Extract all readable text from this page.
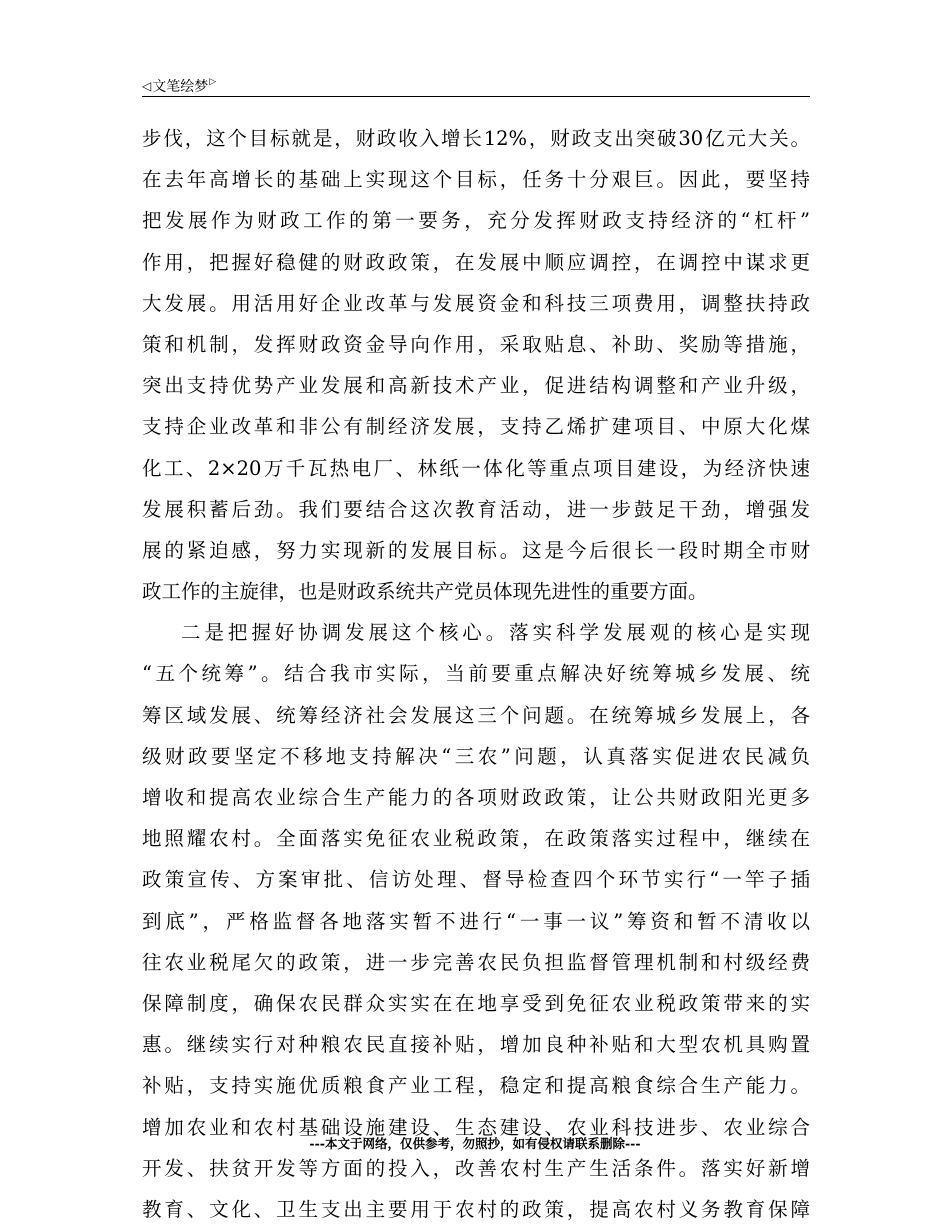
◁ 文笔绘梦 ▷
步伐，这个目标就是，财政收入增长12%，财政支出突破30亿元大关。
在去年高增长的基础上实现这个目标，任务十分艰巨。因此，要坚持
把发展作为财政工作的第一要务，充分发挥财政支持经济的“杠杆”
作用，把握好稳健的财政政策，在发展中顺应调控，在调控中谋求更
大发展。用活用好企业改革与发展资金和科技三项费用，调整扶持政
策和机制，发挥财政资金导向作用，采取贴息、补助、奖励等措施，
突出支持优势产业发展和高新技术产业，促进结构调整和产业升级，
支持企业改革和非公有制经济发展，支持乙烯扩建项目、中原大化煤
化工、2×20万千瓦热电厂、林纸一体化等重点项目建设，为经济快速
发展积蓄后劲。我们要结合这次教育活动，进一步鼓足干劲，增强发
展的紧迫感，努力实现新的发展目标。这是今后很长一段时期全市财
政工作的主旋律，也是财政系统共产党员体现先进性的重要方面。
二是把握好协调发展这个核心。落实科学发展观的核心是实现
“五个统筹”。结合我市实际，当前要重点解决好统筹城乡发展、统
筹区域发展、统筹经济社会发展这三个问题。在统筹城乡发展上，各
级财政要坚定不移地支持解决“三农”问题，认真落实促进农民减负
增收和提高农业综合生产能力的各项财政政策，让公共财政阳光更多
地照耀农村。全面落实免征农业税政策，在政策落实过程中，继续在
政策宣传、方案审批、信访处理、督导检查四个环节实行“一竿子插
到底”，严格监督各地落实暂不进行“一事一议”筹资和暂不清收以
往农业税尾欠的政策，进一步完善农民负担监督管理机制和村级经费
保障制度，确保农民群众实实在在地享受到免征农业税政策带来的实
惠。继续实行对种粮农民直接补贴，增加良种补贴和大型农机具购置
补贴，支持实施优质粮食产业工程，稳定和提高粮食综合生产能力。
增加农业和农村基础设施建设、生态建设、农业科技进步、农业综合
开发、扶贫开发等方面的投入，改善农村生产生活条件。落实好新增
教育、文化、卫生支出主要用于农村的政策，提高农村义务教育保障
---本文于网络，仅供参考，勿照抄，如有侵权请联系删除---
